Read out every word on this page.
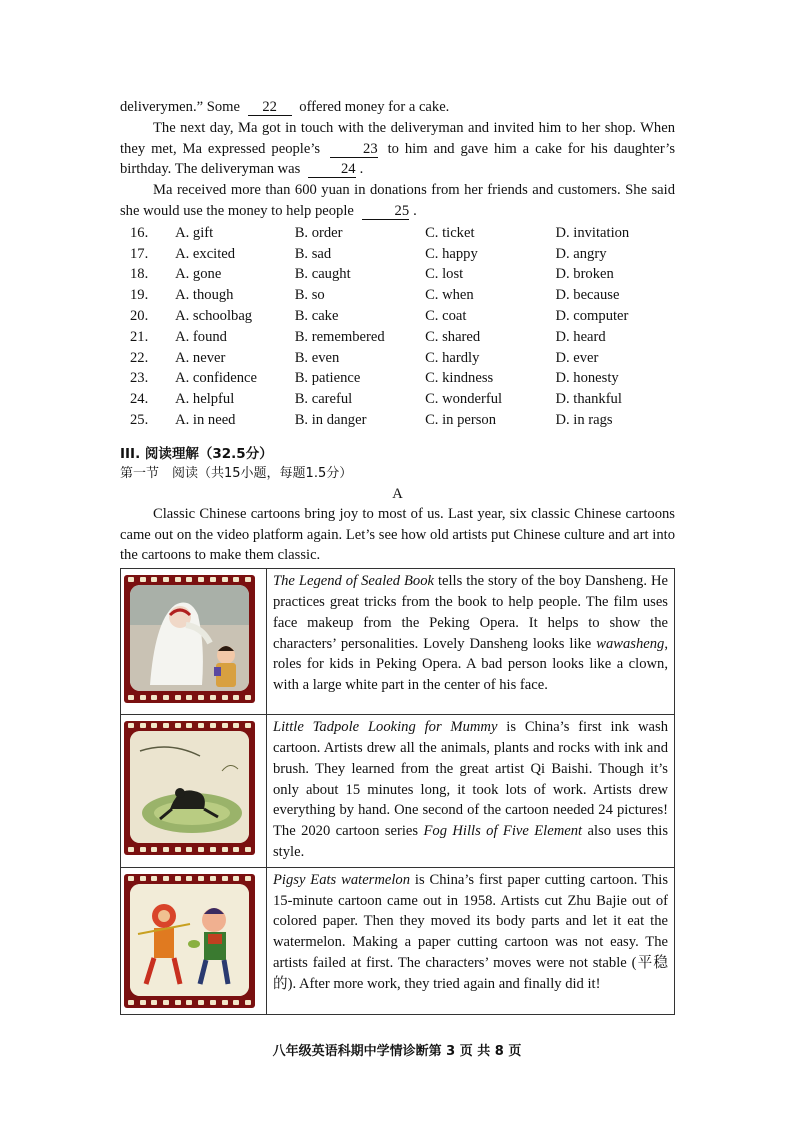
deliverymen.” Some 22 offered money for a cake.

The next day, Ma got in touch with the deliveryman and invited him to her shop. When they met, Ma expressed people’s	23 to him and gave him a cake for his daughter’s birthday. The deliveryman was	24 .

Ma received more than 600 yuan in donations from her friends and customers. She said she would use the money to help people	25 .

16.	A. gift	B. order	C. ticket	D. invitation
17.	A. excited	B. sad	C. happy	D. angry
18.	A. gone	B. caught	C. lost	D. broken
19.	A. though	B. so	C. when	D. because
20.	A. schoolbag	B. cake	C. coat	D. computer
21.	A. found	B. remembered	C. shared	D. heard
22.	A. never	B. even	C. hardly	D. ever
23.	A. confidence	B. patience	C. kindness	D. honesty
24.	A. helpful	B. careful	C. wonderful	D. thankful
25.	A. in need	B. in danger	C. in person	D. in rags
III. 阅读理解（32.5分）
第一节　阅读（共15小题，每题1.5分）
A

Classic Chinese cartoons bring joy to most of us. Last year, six classic Chinese cartoons came out on the video platform again. Let’s see how old artists put Chinese culture and art into the cartoons to make them classic.

	The Legend of Sealed Book tells the story of the boy Dansheng. He practices great tricks from the book to help people. The film uses face makeup from the Peking Opera. It helps to show the characters’ personalities. Lovely Dansheng looks like wawasheng, roles for kids in Peking Opera. A bad person looks like a clown, with a large white part in the center of his face.

	Little Tadpole Looking for Mummy is China’s first ink wash cartoon. Artists drew all the animals, plants and rocks with ink and brush. They learned from the great artist Qi Baishi. Though it’s only about 15 minutes long, it took lots of work. Artists drew everything by hand. One second of the cartoon needed 24 pictures! The 2020 cartoon series Fog Hills of Five Element also uses this style.

	Pigsy Eats watermelon is China’s first paper cutting cartoon. This 15-minute cartoon came out in 1958. Artists cut Zhu Bajie out of colored paper. Then they moved its body parts and let it eat the watermelon. Making a paper cutting cartoon was not easy. The artists failed at first. The characters’ moves were not stable (平稳的). After more work, they tried again and finally did it!
八年级英语科期中学情诊断第 3 页 共 8 页
